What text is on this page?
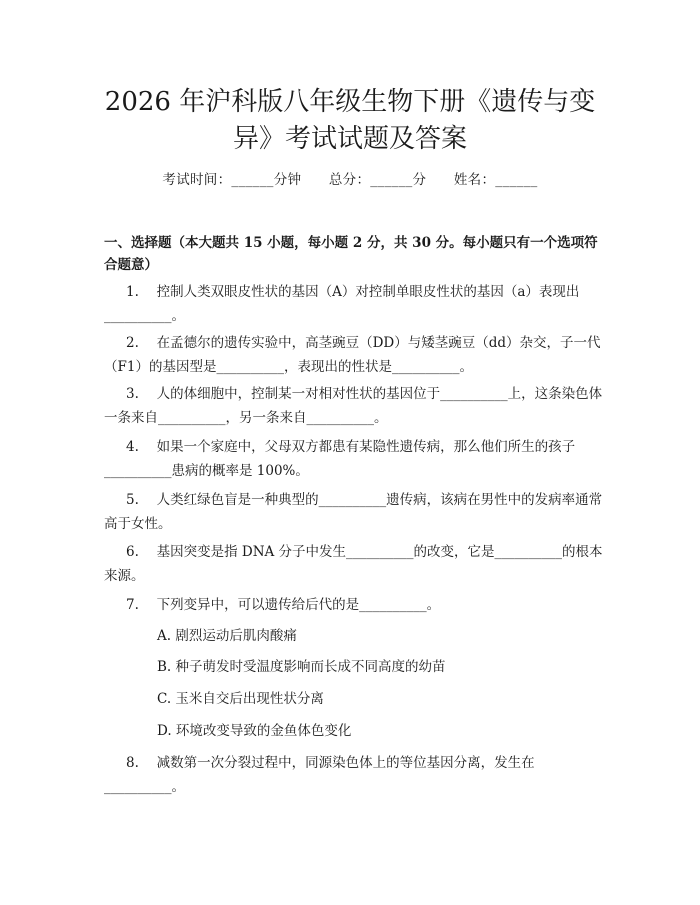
2026 年沪科版八年级生物下册《遗传与变
异》考试试题及答案
考试时间：______分钟      总分：______分      姓名：______
一、选择题（本大题共 15 小题，每小题 2 分，共 30 分。每小题只有一个选项符合题意）
1. 控制人类双眼皮性状的基因（A）对控制单眼皮性状的基因（a）表现出__________。
2. 在孟德尔的遗传实验中，高茎豌豆（DD）与矮茎豌豆（dd）杂交，子一代（F1）的基因型是__________，表现出的性状是__________。
3. 人的体细胞中，控制某一对相对性状的基因位于__________上，这条染色体一条来自__________，另一条来自__________。
4. 如果一个家庭中，父母双方都患有某隐性遗传病，那么他们所生的孩子__________患病的概率是 100%。
5. 人类红绿色盲是一种典型的__________遗传病，该病在男性中的发病率通常高于女性。
6. 基因突变是指 DNA 分子中发生__________的改变，它是__________的根本来源。
7. 下列变异中，可以遗传给后代的是__________。
A. 剧烈运动后肌肉酸痛
B. 种子萌发时受温度影响而长成不同高度的幼苗
C. 玉米自交后出现性状分离
D. 环境改变导致的金鱼体色变化
8. 减数第一次分裂过程中，同源染色体上的等位基因分离，发生在__________。
